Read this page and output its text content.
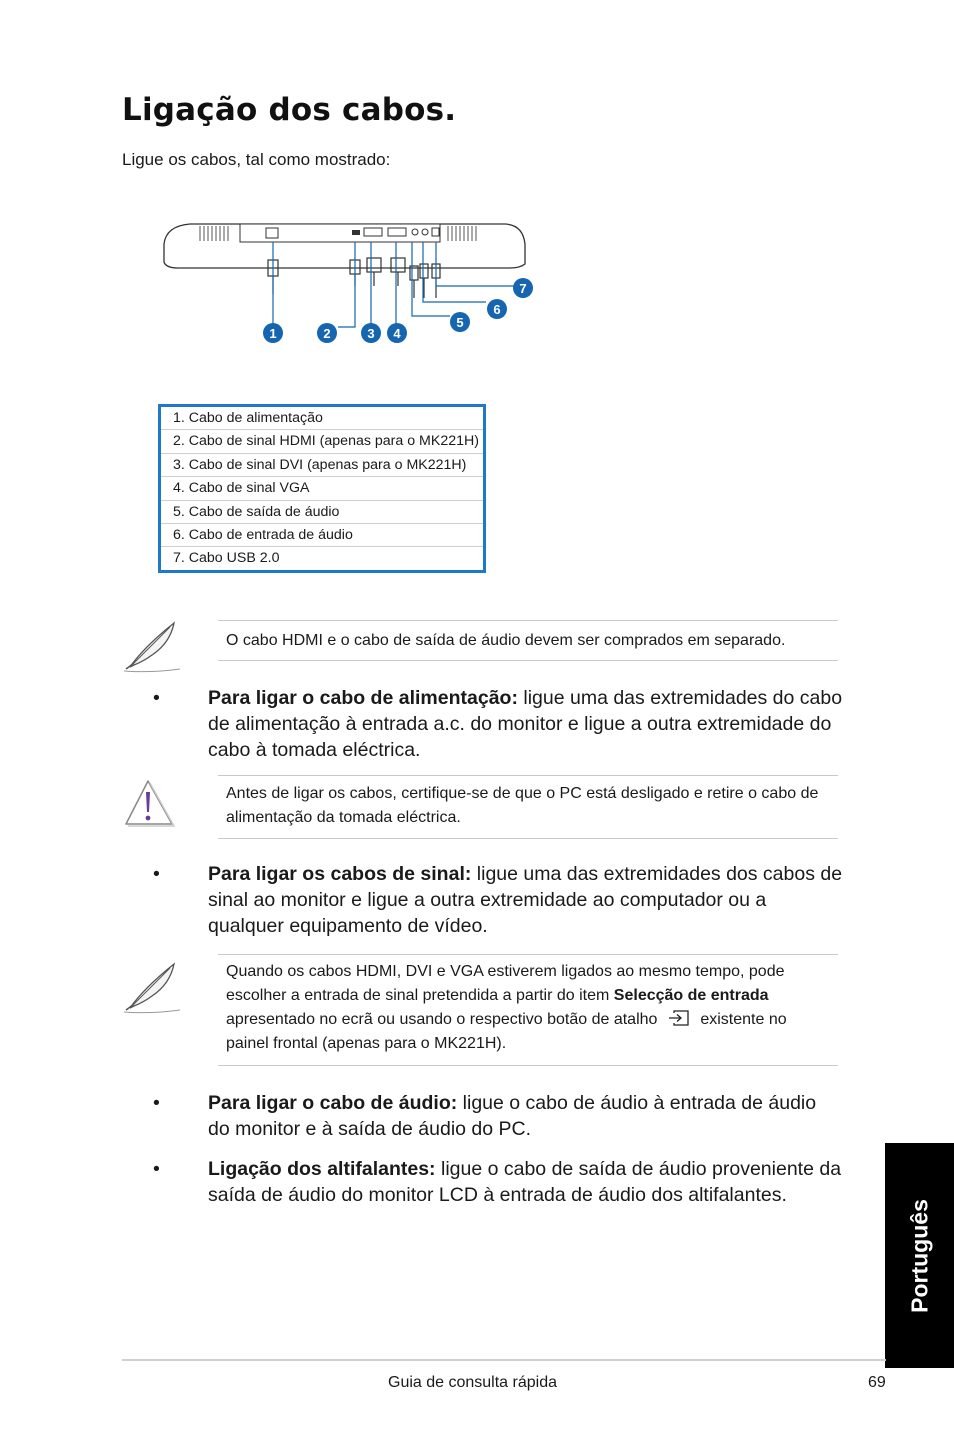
Ligação dos cabos.
Ligue os cabos, tal como mostrado:
1	2	3 4
5
6
7
1. Cabo de alimentação
2. Cabo de sinal HDMI (apenas para o MK221H)
3. Cabo de sinal DVI (apenas para o MK221H)
4. Cabo de sinal VGA
5. Cabo de saída de áudio
6. Cabo de entrada de áudio
7. Cabo USB 2.0
O cabo HDMI e o cabo de saída de áudio devem ser comprados em separado.
• Para ligar o cabo de alimentação: ligue uma das extremidades do cabo de alimentação à entrada a.c. do monitor e ligue a outra extremidade do cabo à tomada eléctrica.
Antes de ligar os cabos, certifique-se de que o PC está desligado e retire o cabo de alimentação da tomada eléctrica.
• Para ligar os cabos de sinal: ligue uma das extremidades dos cabos de sinal ao monitor e ligue a outra extremidade ao computador ou a qualquer equipamento de vídeo.
Quando os cabos HDMI, DVI e VGA estiverem ligados ao mesmo tempo, pode escolher a entrada de sinal pretendida a partir do item Selecção de entrada apresentado no ecrã ou usando o respectivo botão de atalho	existente no painel frontal (apenas para o MK221H).
• Para ligar o cabo de áudio: ligue o cabo de áudio à entrada de áudio do monitor e à saída de áudio do PC.
• Ligação dos altifalantes: ligue o cabo de saída de áudio proveniente da saída de áudio do monitor LCD à entrada de áudio dos altifalantes.
Português
Guia de consulta rápida	69
